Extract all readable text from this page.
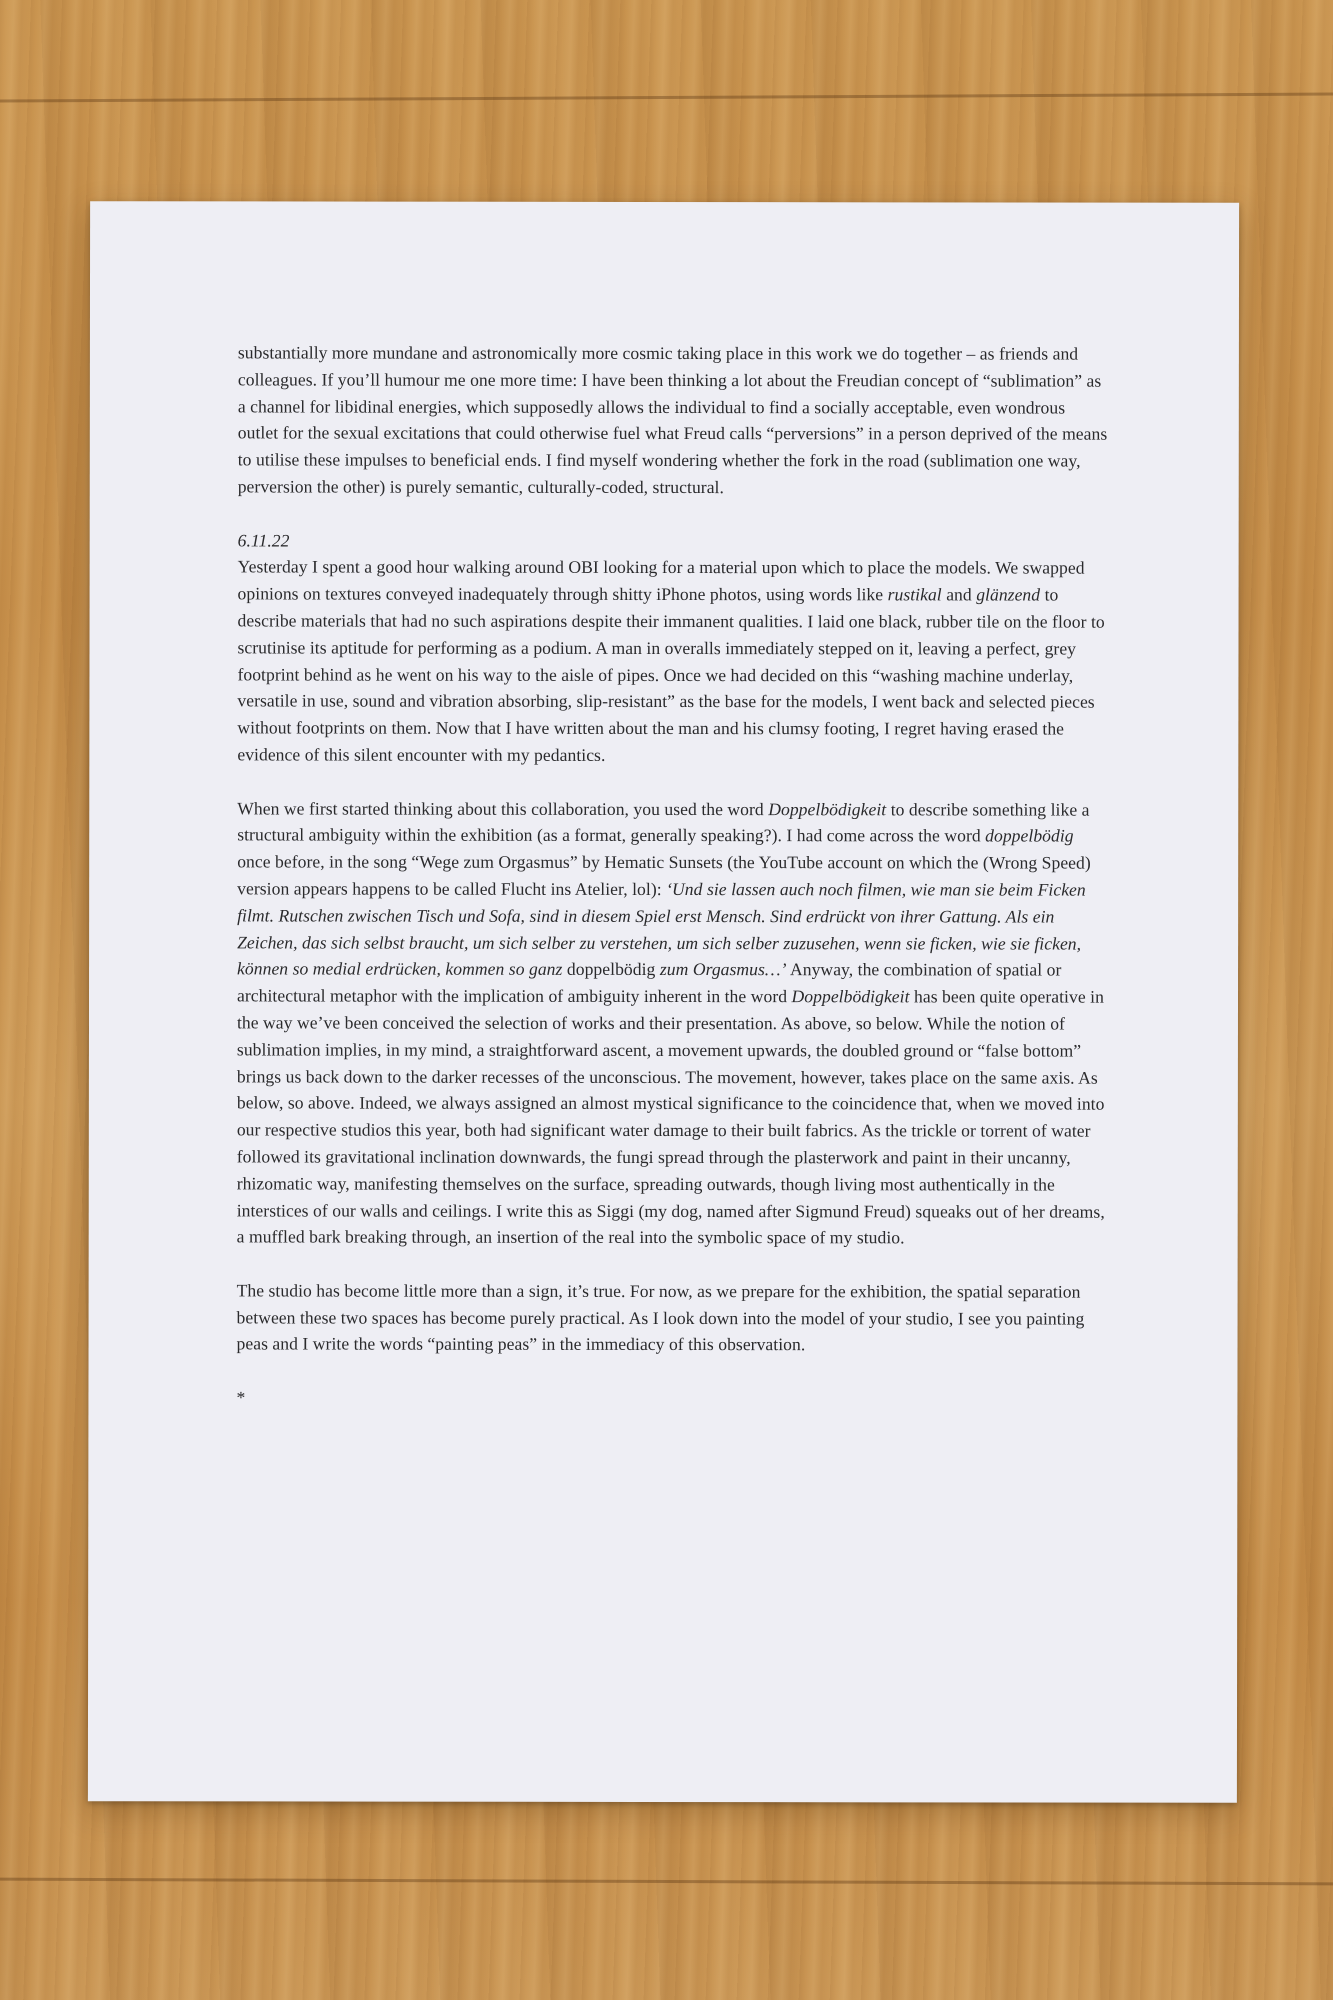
substantially more mundane and astronomically more cosmic taking place in this work we do together – as friends and colleagues. If you’ll humour me one more time: I have been thinking a lot about the Freudian concept of “sublimation” as a channel for libidinal energies, which supposedly allows the individual to find a socially acceptable, even wondrous outlet for the sexual excitations that could otherwise fuel what Freud calls “perversions” in a person deprived of the means to utilise these impulses to beneficial ends. I find myself wondering whether the fork in the road (sublimation one way, perversion the other) is purely semantic, culturally-coded, structural.

6.11.22

Yesterday I spent a good hour walking around OBI looking for a material upon which to place the models. We swapped opinions on textures conveyed inadequately through shitty iPhone photos, using words like rustikal and glänzend to describe materials that had no such aspirations despite their immanent qualities. I laid one black, rubber tile on the floor to scrutinise its aptitude for performing as a podium. A man in overalls immediately stepped on it, leaving a perfect, grey footprint behind as he went on his way to the aisle of pipes. Once we had decided on this “washing machine underlay, versatile in use, sound and vibration absorbing, slip-resistant” as the base for the models, I went back and selected pieces without footprints on them. Now that I have written about the man and his clumsy footing, I regret having erased the evidence of this silent encounter with my pedantics.

When we first started thinking about this collaboration, you used the word Doppelbödigkeit to describe something like a structural ambiguity within the exhibition (as a format, generally speaking?). I had come across the word doppelbödig once before, in the song “Wege zum Orgasmus” by Hematic Sunsets (the YouTube account on which the (Wrong Speed) version appears happens to be called Flucht ins Atelier, lol): ‘Und sie lassen auch noch filmen, wie man sie beim Ficken filmt. Rutschen zwischen Tisch und Sofa, sind in diesem Spiel erst Mensch. Sind erdrückt von ihrer Gattung. Als ein Zeichen, das sich selbst braucht, um sich selber zu verstehen, um sich selber zuzusehen, wenn sie ficken, wie sie ficken, können so medial erdrücken, kommen so ganz doppelbödig zum Orgasmus…’ Anyway, the combination of spatial or architectural metaphor with the implication of ambiguity inherent in the word Doppelbödigkeit has been quite operative in the way we’ve been conceived the selection of works and their presentation. As above, so below. While the notion of sublimation implies, in my mind, a straightforward ascent, a movement upwards, the doubled ground or “false bottom” brings us back down to the darker recesses of the unconscious. The movement, however, takes place on the same axis. As below, so above. Indeed, we always assigned an almost mystical significance to the coincidence that, when we moved into our respective studios this year, both had significant water damage to their built fabrics. As the trickle or torrent of water followed its gravitational inclination downwards, the fungi spread through the plasterwork and paint in their uncanny, rhizomatic way, manifesting themselves on the surface, spreading outwards, though living most authentically in the interstices of our walls and ceilings. I write this as Siggi (my dog, named after Sigmund Freud) squeaks out of her dreams, a muffled bark breaking through, an insertion of the real into the symbolic space of my studio.

The studio has become little more than a sign, it’s true. For now, as we prepare for the exhibition, the spatial separation between these two spaces has become purely practical. As I look down into the model of your studio, I see you painting peas and I write the words “painting peas” in the immediacy of this observation.

*
